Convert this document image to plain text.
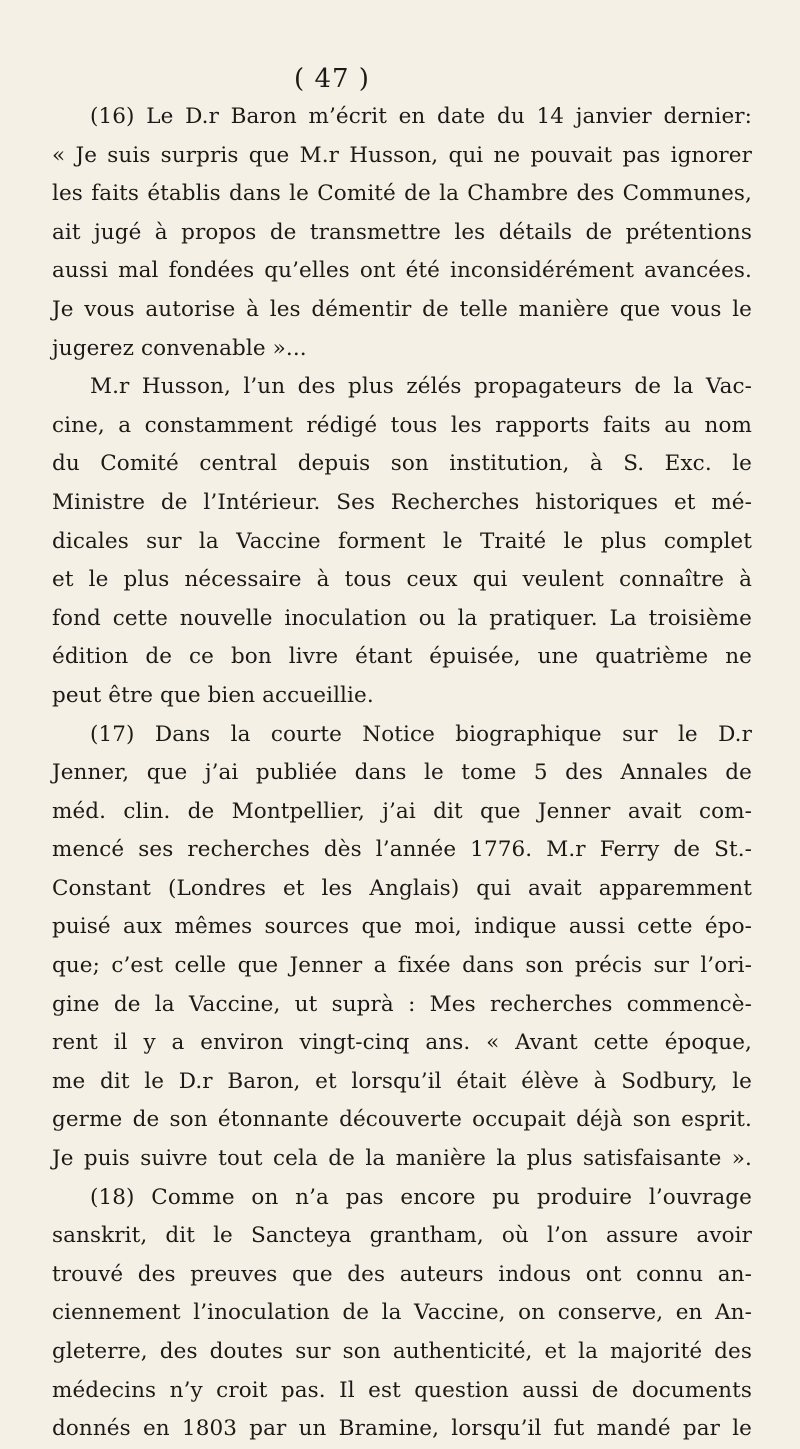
( 47 )
(16) Le D.r Baron m’écrit en date du 14 janvier dernier:
« Je suis surpris que M.r Husson, qui ne pouvait pas ignorer
les faits établis dans le Comité de la Chambre des Communes,
ait jugé à propos de transmettre les détails de prétentions
aussi mal fondées qu’elles ont été inconsidérément avancées.
Je vous autorise à les démentir de telle manière que vous le
jugerez convenable »...
M.r Husson, l’un des plus zélés propagateurs de la Vac-
cine, a constamment rédigé tous les rapports faits au nom
du Comité central depuis son institution, à S. Exc. le
Ministre de l’Intérieur. Ses Recherches historiques et mé-
dicales sur la Vaccine forment le Traité le plus complet
et le plus nécessaire à tous ceux qui veulent connaître à
fond cette nouvelle inoculation ou la pratiquer. La troisième
édition de ce bon livre étant épuisée, une quatrième ne
peut être que bien accueillie.
(17) Dans la courte Notice biographique sur le D.r
Jenner, que j’ai publiée dans le tome 5 des Annales de
méd. clin. de Montpellier, j’ai dit que Jenner avait com-
mencé ses recherches dès l’année 1776. M.r Ferry de St.-
Constant (Londres et les Anglais) qui avait apparemment
puisé aux mêmes sources que moi, indique aussi cette épo-
que; c’est celle que Jenner a fixée dans son précis sur l’ori-
gine de la Vaccine, ut suprà : Mes recherches commencè-
rent il y a environ vingt-cinq ans. « Avant cette époque,
me dit le D.r Baron, et lorsqu’il était élève à Sodbury, le
germe de son étonnante découverte occupait déjà son esprit.
Je puis suivre tout cela de la manière la plus satisfaisante ».
(18) Comme on n’a pas encore pu produire l’ouvrage
sanskrit, dit le Sancteya grantham, où l’on assure avoir
trouvé des preuves que des auteurs indous ont connu an-
ciennement l’inoculation de la Vaccine, on conserve, en An-
gleterre, des doutes sur son authenticité, et la majorité des
médecins n’y croit pas. Il est question aussi de documents
donnés en 1803 par un Bramine, lorsqu’il fut mandé par le
